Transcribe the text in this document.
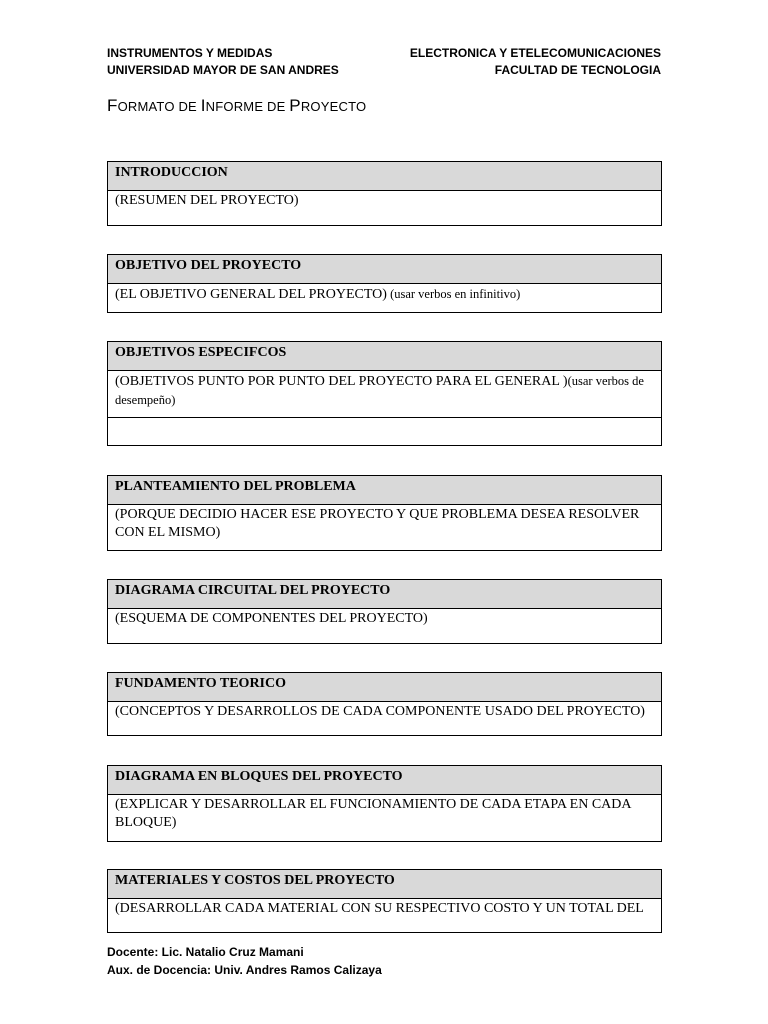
INSTRUMENTOS Y MEDIDAS
UNIVERSIDAD MAYOR DE SAN ANDRES
ELECTRONICA Y ETELECOMUNICACIONES
FACULTAD DE TECNOLOGIA
FORMATO DE INFORME DE PROYECTO
INTRODUCCION
(RESUMEN DEL PROYECTO)
OBJETIVO DEL PROYECTO
(EL OBJETIVO GENERAL DEL PROYECTO) (usar verbos en infinitivo)
OBJETIVOS ESPECIFCOS
(OBJETIVOS PUNTO POR PUNTO DEL PROYECTO PARA EL GENERAL )(usar verbos de desempeño)
PLANTEAMIENTO DEL PROBLEMA
(PORQUE DECIDIO HACER ESE PROYECTO Y QUE PROBLEMA DESEA RESOLVER CON EL MISMO)
DIAGRAMA CIRCUITAL DEL PROYECTO
(ESQUEMA DE COMPONENTES DEL PROYECTO)
FUNDAMENTO TEORICO
(CONCEPTOS Y DESARROLLOS DE CADA COMPONENTE USADO DEL PROYECTO)
DIAGRAMA EN BLOQUES DEL PROYECTO
(EXPLICAR Y DESARROLLAR EL FUNCIONAMIENTO DE CADA ETAPA EN CADA BLOQUE)
MATERIALES Y COSTOS DEL PROYECTO
(DESARROLLAR CADA MATERIAL CON SU RESPECTIVO COSTO Y UN TOTAL DEL
Docente: Lic. Natalio Cruz Mamani
Aux. de Docencia: Univ. Andres Ramos Calizaya
